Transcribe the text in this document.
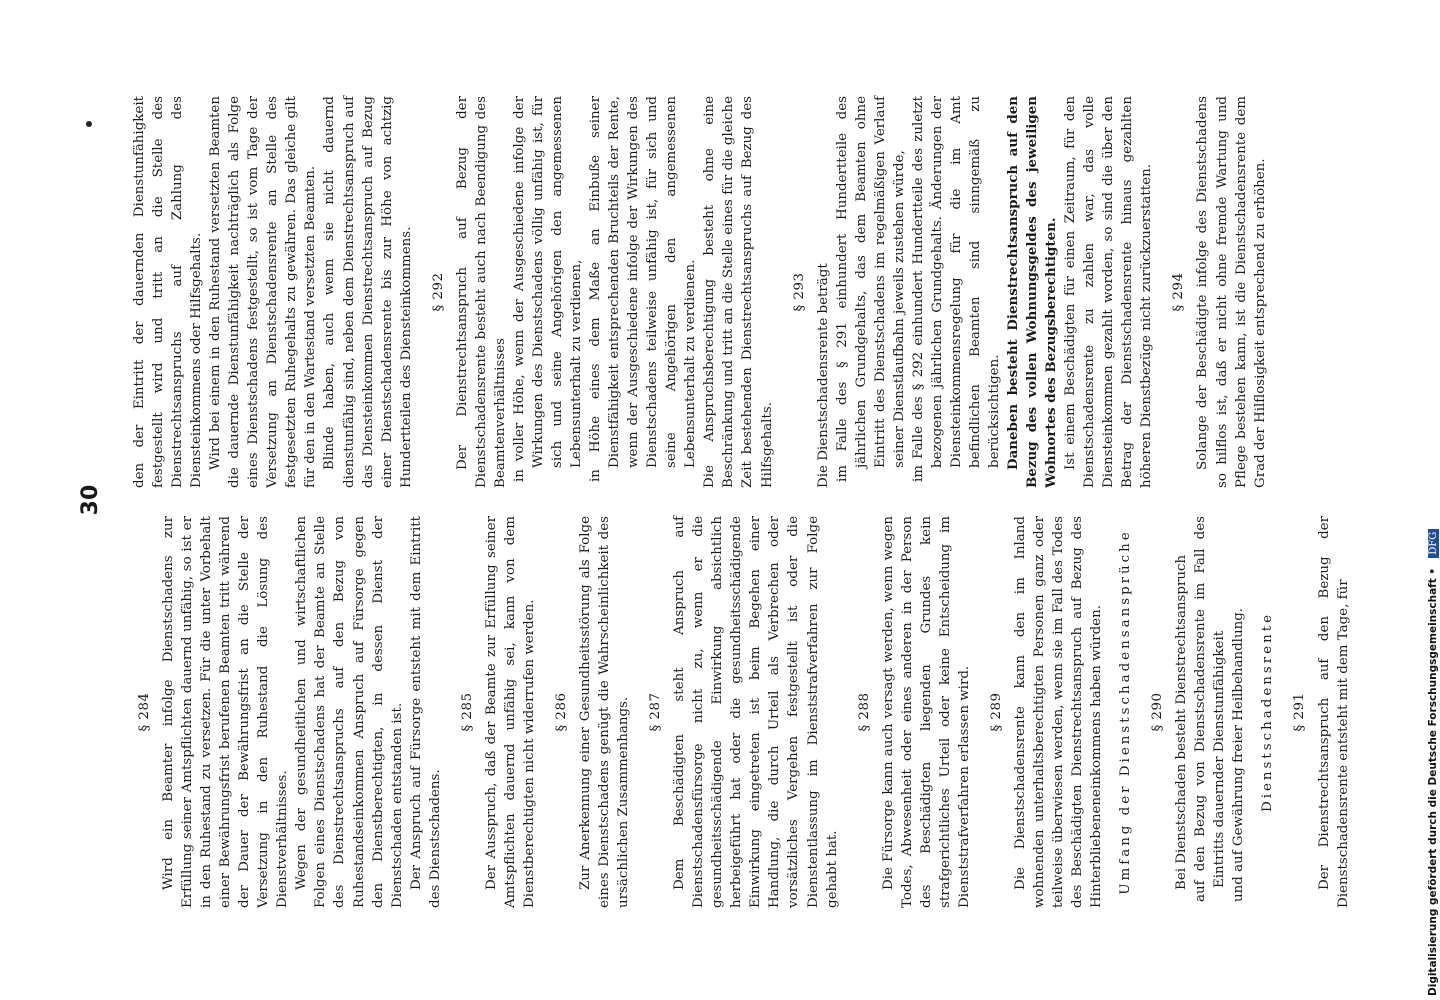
30
§ 284 Wird ein Beamter infolge Dienstschadens zur Erfüllung seiner Amtspflichten dauernd unfähig, so ist er in den Ruhestand zu versetzen. Für die unter Vorbehalt einer Bewährungsfrist berufenen Beamten tritt während der Dauer der Bewährungsfrist an die Stelle der Versetzung in den Ruhestand die Lösung des Dienstverhältnisses. Wegen der gesundheitlichen und wirtschaftlichen Folgen eines Dienstschadens hat der Beamte an Stelle des Dienstrechtsanspruchs auf den Bezug von Ruhestandseinkommen Anspruch auf Fürsorge gegen den Dienstberechtigten, in dessen Dienst der Dienstschaden entstanden ist. Der Anspruch auf Fürsorge entsteht mit dem Eintritt des Dienstschadens.
§ 285 Der Ausspruch, daß der Beamte zur Erfüllung seiner Amtspflichten dauernd unfähig sei, kann von dem Dienstberechtigten nicht widerrufen werden. § 286 Zur Anerkennung einer Gesundheitsstörung als Folge eines Dienstschadens genügt die Wahrscheinlichkeit des ursächlichen Zusammenhangs. § 287 Dem Beschädigten steht Anspruch auf Dienstschadensfürsorge nicht zu, wenn er die gesundheitsschädigende Einwirkung absichtlich herbeigeführt hat oder die gesundheitsschädigende Einwirkung eingetreten ist beim Begehen einer Handlung, die durch Urteil als Verbrechen oder vorsätzliches Vergehen festgestellt ist oder die Dienstentlassung im Dienststrafverfahren zur Folge gehabt hat.
§ 288 Die Fürsorge kann auch versagt werden, wenn wegen Todes, Abwesenheit oder eines anderen in der Person des Beschädigten liegenden Grundes kein strafgerichtliches Urteil oder keine Entscheidung im Dienststrafverfahren erlassen wird. § 289 Die Dienstschadensrente kann den im Inland wohnenden unterhaltsberechtigten Personen ganz oder teilweise überwiesen werden, wenn sie im Fall des Todes des Beschädigten Dienstrechtsanspruch auf Bezug des Hinterbliebeneneinkommens haben würden. Umfang der Dienstschadensansprüche § 290 Bei Dienstschaden besteht Dienstrechtsanspruch auf den Bezug von Dienstschadensrente im Fall des Eintritts dauernder Dienstunfähigkeit und auf Gewährung freier Heilbehandlung. Dienstschadensrente § 291 Der Dienstrechtsanspruch auf den Bezug der Dienstschadensrente entsteht mit dem Tage, für
den der Eintritt der dauernden Dienstunfähigkeit festgestellt wird und tritt an die Stelle des Dienstrechtsanspruchs auf Zahlung des Diensteinkommens oder Hilfsgehalts. Wird bei einem in den Ruhestand versetzten Beamten die dauernde Dienstunfähigkeit nachträglich als Folge eines Dienstschadens festgestellt, so ist vom Tage der Versetzung an Dienstschadensrente an Stelle des festgesetzten Ruhegehalts zu gewähren. Das gleiche gilt für den in den Wartestand versetzten Beamten. Blinde haben, auch wenn sie nicht dauernd dienstunfähig sind, neben dem Dienstrechtsanspruch auf das Diensteinkommen Dienstrechtsanspruch auf Bezug einer Dienstschadensrente bis zur Höhe von achtzig Hundertteilen des Diensteinkommens. § 292 Der Dienstrechtsanspruch auf Bezug der Dienstschadensrente besteht auch nach Beendigung des Beamtenverhältnisses in voller Höhe, wenn der Ausgeschiedene infolge der Wirkungen des Dienstschadens völlig unfähig ist, für sich und seine Angehörigen den angemessenen Lebensunterhalt zu verdienen, in Höhe eines dem Maße an Einbuße seiner Dienstfähigkeit entsprechenden Bruchteils der Rente, wenn der Ausgeschiedene infolge der Wirkungen des Dienstschadens teilweise unfähig ist, für sich und seine Angehörigen den angemessenen Lebensunterhalt zu verdienen. Die Anspruchsberechtigung besteht ohne eine Beschränkung und tritt an die Stelle eines für die gleiche Zeit bestehenden Dienstrechtsanspruchs auf Bezug des Hilfsgehalts.
§ 293 Die Dienstschadensrente beträgt im Falle des § 291 einhundert Hundertteile des jährlichen Grundgehalts, das dem Beamten ohne Eintritt des Dienstschadens im regelmäßigen Verlauf seiner Dienstlaufbahn jeweils zustehen würde, im Falle des § 292 einhundert Hundertteile des zuletzt bezogenen jährlichen Grundgehalts. Änderungen der Diensteinkommensregelung für die im Amt befindlichen Beamten sind sinngemäß zu berücksichtigen. Daneben besteht Dienstrechtsanspruch auf den Bezug des vollen Wohnungsgeldes des jeweiligen Wohnortes des Bezugsberechtigten. Ist einem Beschädigten für einen Zeitraum, für den Dienstschadensrente zu zahlen war, das volle Diensteinkommen gezahlt worden, so sind die über den Betrag der Dienstschadensrente hinaus gezahlten höheren Dienstbezüge nicht zurückzuerstatten. § 294 Solange der Beschädigte infolge des Dienstschadens so hilflos ist, daß er nicht ohne fremde Wartung und Pflege bestehen kann, ist die Dienstschadensrente dem Grad der Hilflosigkeit entsprechend zu erhöhen.
Digitalisierung gefördert durch die Deutsche Forschungsgemeinschaft • DFG
